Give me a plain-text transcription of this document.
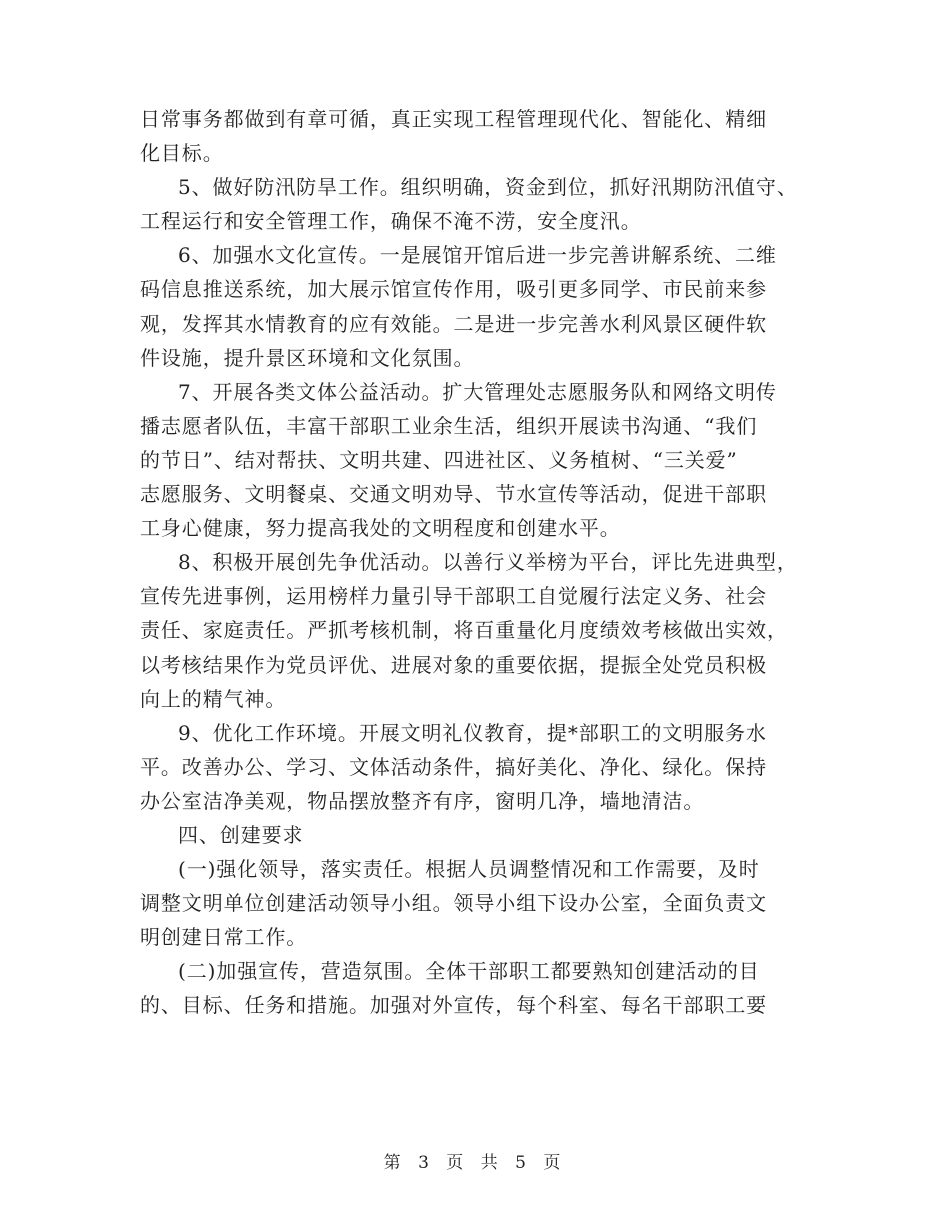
日常事务都做到有章可循，真正实现工程管理现代化、智能化、精细
化目标。
5、做好防汛防旱工作。组织明确，资金到位，抓好汛期防汛值守、
工程运行和安全管理工作，确保不淹不涝，安全度汛。
6、加强水文化宣传。一是展馆开馆后进一步完善讲解系统、二维
码信息推送系统，加大展示馆宣传作用，吸引更多同学、市民前来参
观，发挥其水情教育的应有效能。二是进一步完善水利风景区硬件软
件设施，提升景区环境和文化氛围。
7、开展各类文体公益活动。扩大管理处志愿服务队和网络文明传
播志愿者队伍，丰富干部职工业余生活，组织开展读书沟通、“我们
的节日”、结对帮扶、文明共建、四进社区、义务植树、“三关爱”
志愿服务、文明餐桌、交通文明劝导、节水宣传等活动，促进干部职
工身心健康，努力提高我处的文明程度和创建水平。
8、积极开展创先争优活动。以善行义举榜为平台，评比先进典型，
宣传先进事例，运用榜样力量引导干部职工自觉履行法定义务、社会
责任、家庭责任。严抓考核机制，将百重量化月度绩效考核做出实效，
以考核结果作为党员评优、进展对象的重要依据，提振全处党员积极
向上的精气神。
9、优化工作环境。开展文明礼仪教育，提*部职工的文明服务水
平。改善办公、学习、文体活动条件，搞好美化、净化、绿化。保持
办公室洁净美观，物品摆放整齐有序，窗明几净，墙地清洁。
四、创建要求
(一)强化领导，落实责任。根据人员调整情况和工作需要，及时
调整文明单位创建活动领导小组。领导小组下设办公室，全面负责文
明创建日常工作。
(二)加强宣传，营造氛围。全体干部职工都要熟知创建活动的目
的、目标、任务和措施。加强对外宣传，每个科室、每名干部职工要
第 3 页 共 5 页
